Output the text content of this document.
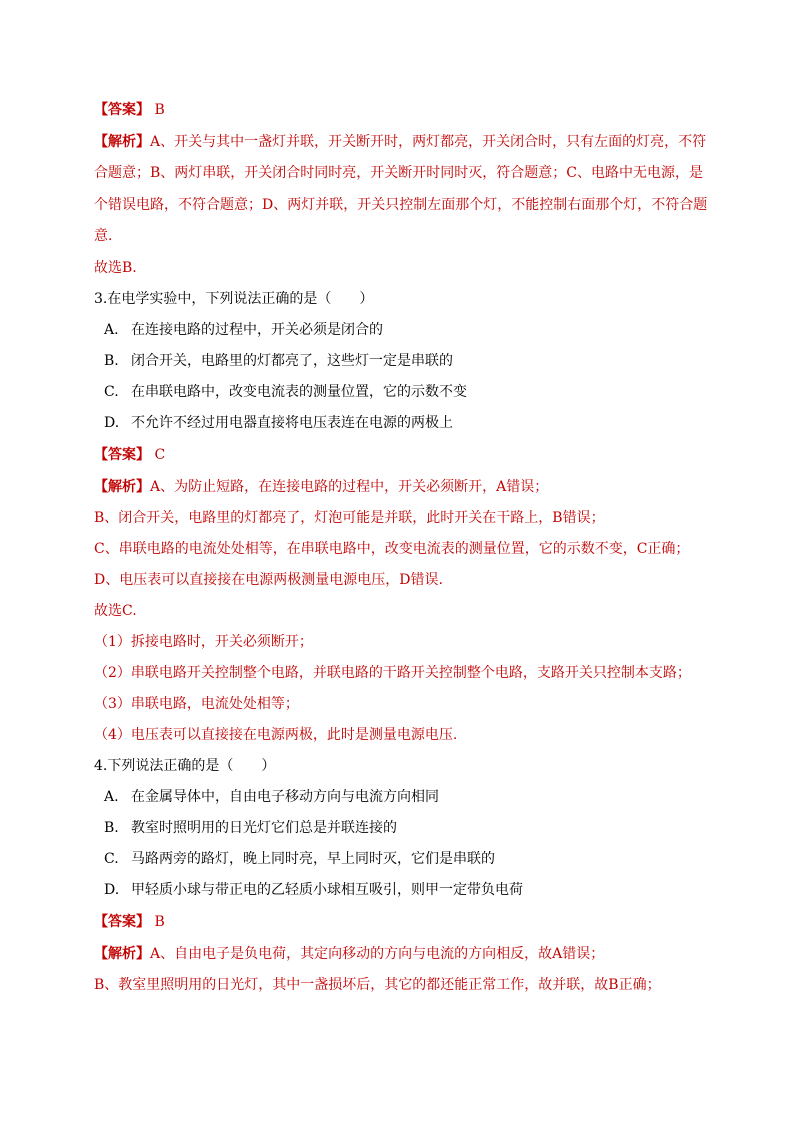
【答案】 B
【解析】A、开关与其中一盏灯并联，开关断开时，两灯都亮，开关闭合时，只有左面的灯亮，不符
合题意；B、两灯串联，开关闭合时同时亮，开关断开时同时灭，符合题意；C、电路中无电源，是
个错误电路，不符合题意；D、两灯并联，开关只控制左面那个灯，不能控制右面那个灯，不符合题
意.
故选B.
3.在电学实验中，下列说法正确的是（　　）
A. 在连接电路的过程中，开关必须是闭合的
B. 闭合开关，电路里的灯都亮了，这些灯一定是串联的
C. 在串联电路中，改变电流表的测量位置，它的示数不变
D. 不允许不经过用电器直接将电压表连在电源的两极上
【答案】 C
【解析】A、为防止短路，在连接电路的过程中，开关必须断开，A错误；
B、闭合开关，电路里的灯都亮了，灯泡可能是并联，此时开关在干路上，B错误；
C、串联电路的电流处处相等，在串联电路中，改变电流表的测量位置，它的示数不变，C正确；
D、电压表可以直接接在电源两极测量电源电压，D错误.
故选C.
（1）拆接电路时，开关必须断开；
（2）串联电路开关控制整个电路，并联电路的干路开关控制整个电路，支路开关只控制本支路；
（3）串联电路，电流处处相等；
（4）电压表可以直接接在电源两极，此时是测量电源电压.
4.下列说法正确的是（　　）
A. 在金属导体中，自由电子移动方向与电流方向相同
B. 教室时照明用的日光灯它们总是并联连接的
C. 马路两旁的路灯，晚上同时亮，早上同时灭，它们是串联的
D. 甲轻质小球与带正电的乙轻质小球相互吸引，则甲一定带负电荷
【答案】 B
【解析】A、自由电子是负电荷，其定向移动的方向与电流的方向相反，故A错误；
B、教室里照明用的日光灯，其中一盏损坏后，其它的都还能正常工作，故并联，故B正确；
